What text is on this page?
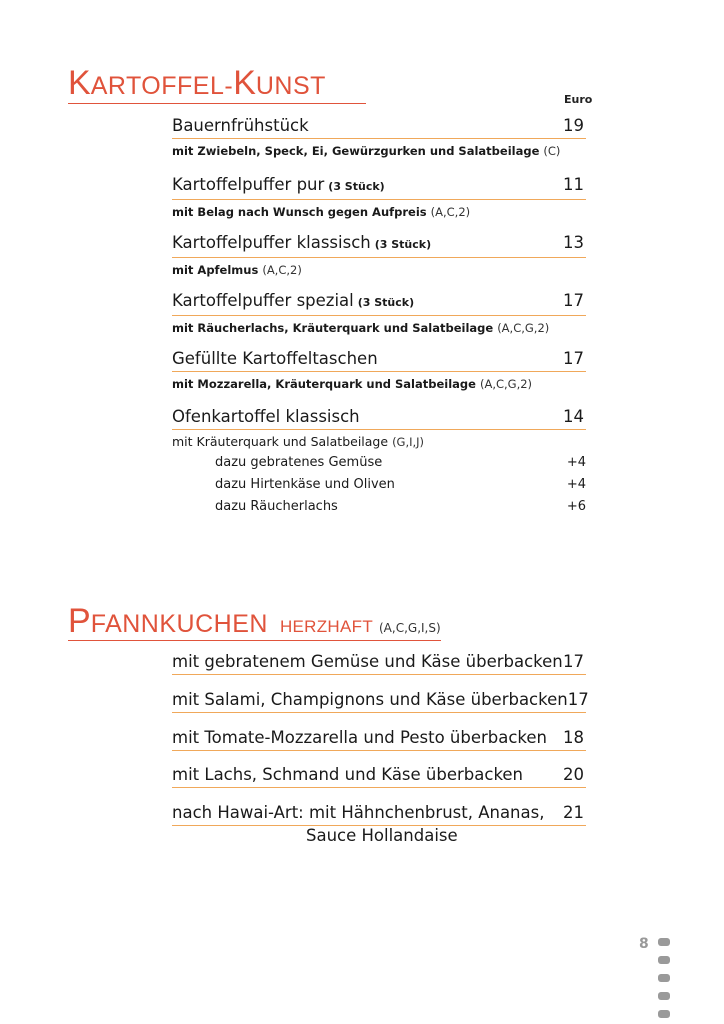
KARTOFFEL-KUNST	Euro
Bauernfrühstück	19
mit Zwiebeln, Speck, Ei, Gewürzgurken und Salatbeilage (C)
Kartoffelpuffer pur (3 Stück)	11
mit Belag nach Wunsch gegen Aufpreis (A,C,2)
Kartoffelpuffer klassisch (3 Stück)	13
mit Apfelmus (A,C,2)
Kartoffelpuffer spezial (3 Stück)	17
mit Räucherlachs, Kräuterquark und Salatbeilage (A,C,G,2)
Gefüllte Kartoffeltaschen	17
mit Mozzarella, Kräuterquark und Salatbeilage (A,C,G,2)
Ofenkartoffel klassisch	14
mit Kräuterquark und Salatbeilage (G,I,J)
dazu gebratenes Gemüse	+4
dazu Hirtenkäse und Oliven	+4
dazu Räucherlachs	+6
PFANNKUCHEN HERZHAFT (A,C,G,I,S)
mit gebratenem Gemüse und Käse überbacken 17
mit Salami, Champignons und Käse überbacken 17
mit Tomate-Mozzarella und Pesto überbacken 18
mit Lachs, Schmand und Käse überbacken 20
nach Hawai-Art: mit Hähnchenbrust, Ananas, 21
Sauce Hollandaise
8
